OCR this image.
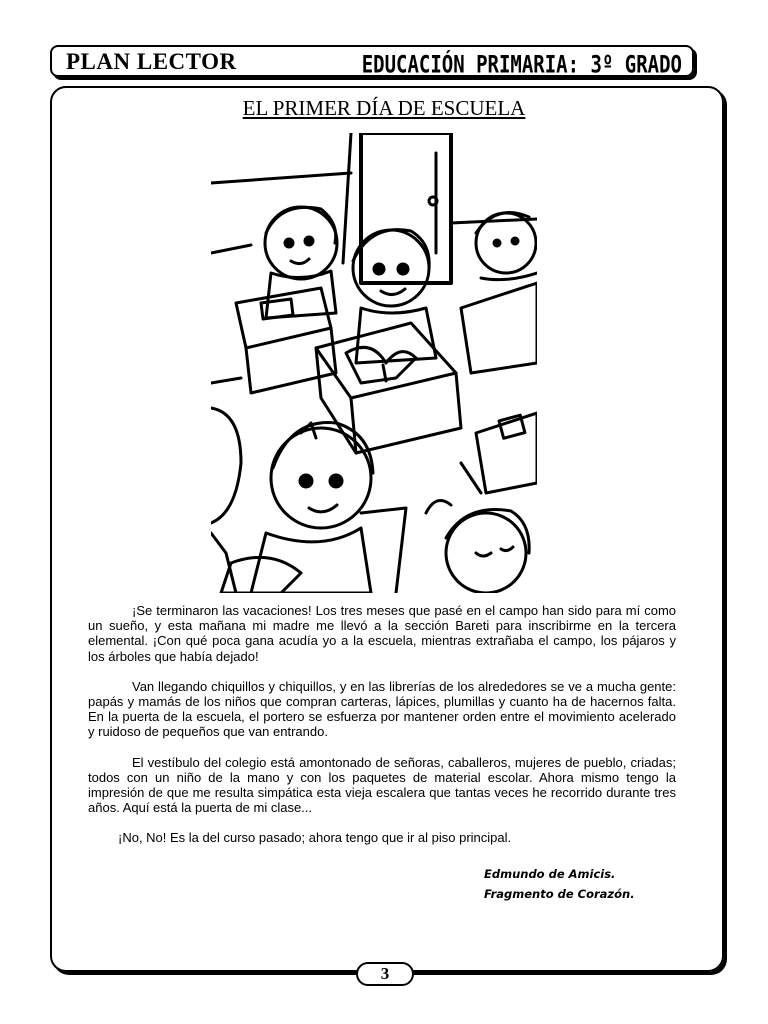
PLAN LECTOR	EDUCACIÓN PRIMARIA: 3º GRADO
EL PRIMER DÍA DE ESCUELA

¡Se terminaron las vacaciones! Los tres meses que pasé en el campo han sido para mí como un sueño, y esta mañana mi madre me llevó a la sección Bareti para inscribirme en la tercera elemental. ¡Con qué poca gana acudía yo a la escuela, mientras extrañaba el campo, los pájaros y los árboles que había dejado!

Van llegando chiquillos y chiquillos, y en las librerías de los alrededores se ve a mucha gente: papás y mamás de los niños que compran carteras, lápices, plumillas y cuanto ha de hacernos falta. En la puerta de la escuela, el portero se esfuerza por mantener orden entre el movimiento acelerado y ruidoso de pequeños que van entrando.

El vestíbulo del colegio está amontonado de señoras, caballeros, mujeres de pueblo, criadas; todos con un niño de la mano y con los paquetes de material escolar. Ahora mismo tengo la impresión de que me resulta simpática esta vieja escalera que tantas veces he recorrido durante tres años. Aquí está la puerta de mi clase...

¡No, No! Es la del curso pasado; ahora tengo que ir al piso principal.

Edmundo de Amicis.
Fragmento de Corazón.
3
